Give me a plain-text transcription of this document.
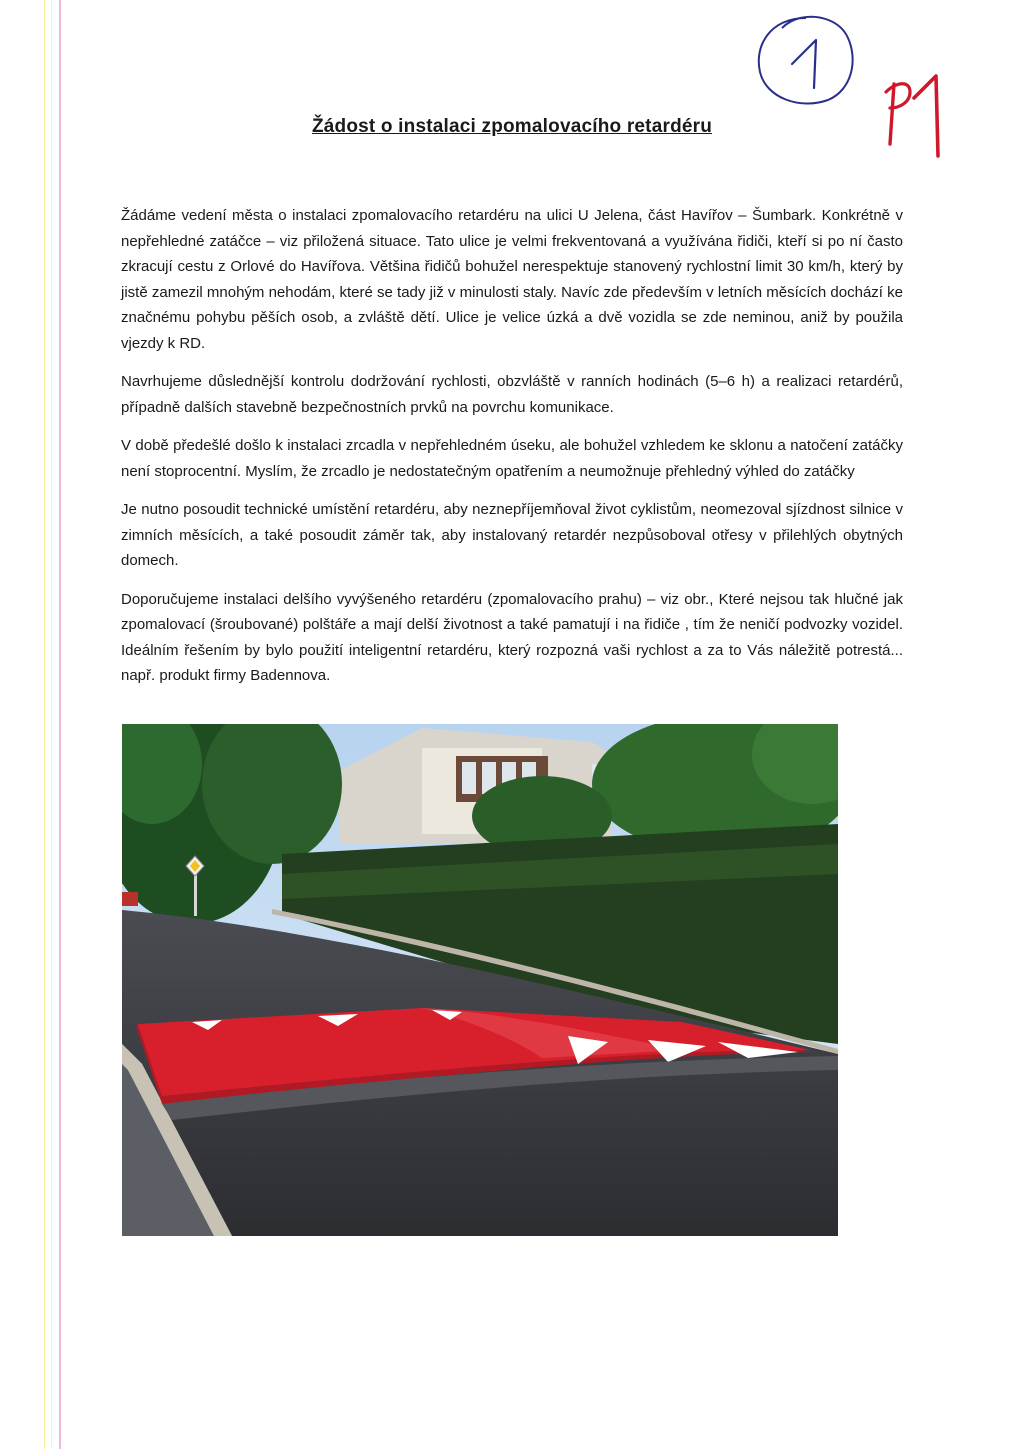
Žádost o instalaci zpomalovacího retardéru

Žádáme vedení města o instalaci zpomalovacího retardéru na ulici U Jelena, část Havířov – Šumbark. Konkrétně v nepřehledné zatáčce – viz přiložená situace. Tato ulice je velmi frekventovaná a využívána řidiči, kteří si po ní často zkracují cestu z Orlové do Havířova. Většina řidičů bohužel nerespektuje stanovený rychlostní limit 30 km/h, který by jistě zamezil mnohým nehodám, které se tady již v minulosti staly. Navíc zde především v letních měsících dochází ke značnému pohybu pěších osob, a zvláště dětí. Ulice je velice úzká a dvě vozidla se zde neminou, aniž by použila vjezdy k RD.

Navrhujeme důslednější kontrolu dodržování rychlosti, obzvláště v ranních hodinách (5–6 h) a realizaci retardérů, případně dalších stavebně bezpečnostních prvků na povrchu komunikace.

V době předešlé došlo k instalaci zrcadla v nepřehledném úseku, ale bohužel vzhledem ke sklonu a natočení zatáčky není stoprocentní. Myslím, že zrcadlo je nedostatečným opatřením a neumožnuje přehledný výhled do zatáčky

Je nutno posoudit technické umístění retardéru, aby neznepříjemňoval život cyklistům, neomezoval sjízdnost silnice v zimních měsících, a také posoudit záměr tak, aby instalovaný retardér nezpůsoboval otřesy v přilehlých obytných domech.

Doporučujeme instalaci delšího vyvýšeného retardéru (zpomalovacího prahu) – viz obr., Které nejsou tak hlučné jak zpomalovací (šroubované) polštáře a mají delší životnost a také pamatují i na řidiče , tím že neničí podvozky vozidel. Ideálním řešením by bylo použití inteligentní retardéru, který rozpozná vaši rychlost a za to Vás náležitě potrestá... např. produkt firmy Badennova.
